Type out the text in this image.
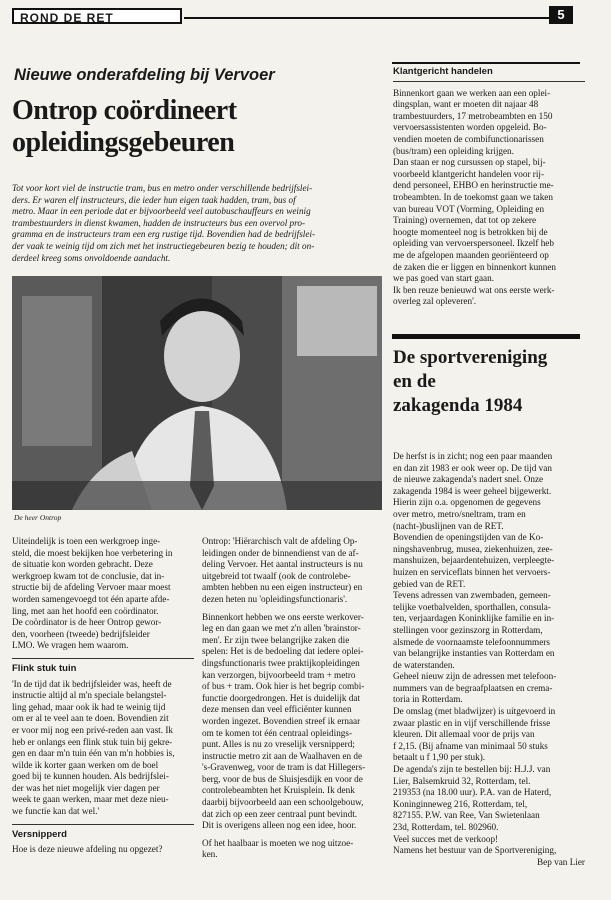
ROND DE RET	5
Nieuwe onderafdeling bij Vervoer
Ontrop coördineert
opleidingsgebeuren
Tot voor kort viel de instructie tram, bus en metro onder verschillende bedrijfslei-
ders. Er waren elf instructeurs, die ieder hun eigen taak hadden, tram, bus of
metro. Maar in een periode dat er bijvoorbeeld veel autobuschauffeurs en weinig
trambestuurders in dienst kwamen, hadden de instructeurs bus een overvol pro-
gramma en de instructeurs tram een erg rustige tijd. Bovendien had de bedrijfslei-
der vaak te weinig tijd om zich met het instructiegebeuren bezig te houden; dit on-
derdeel kreeg soms onvoldoende aandacht.
De heer Ontrop

Uiteindelijk is toen een werkgroep inge-
steld, die moest bekijken hoe verbetering in
de situatie kon worden gebracht. Deze
werkgroep kwam tot de conclusie, dat in-
structie bij de afdeling Vervoer maar moest
worden samengevoegd tot één aparte afde-
ling, met aan het hoofd een coördinator.
De coördinator is de heer Ontrop gewor-
den, voorheen (tweede) bedrijfsleider
LMO. We vragen hem waarom.

Flink stuk tuin

'In de tijd dat ik bedrijfsleider was, heeft de
instructie altijd al m'n speciale belangstel-
ling gehad, maar ook ik had te weinig tijd
om er al te veel aan te doen. Bovendien zit
er voor mij nog een privé-reden aan vast. Ik
heb er onlangs een flink stuk tuin bij gekre-
gen en daar m'n tuin één van m'n hobbies is,
wilde ik korter gaan werken om de boel
goed bij te kunnen houden. Als bedrijfslei-
der was het niet mogelijk vier dagen per
week te gaan werken, maar met deze nieu-
we functie kan dat wel.'

Versnipperd

Hoe is deze nieuwe afdeling nu opgezet?

Ontrop: 'Hiërarchisch valt de afdeling Op-
leidingen onder de binnendienst van de af-
deling Vervoer. Het aantal instructeurs is nu
uitgebreid tot twaalf (ook de controlebe-
ambten hebben nu een eigen instructeur) en
dezen heten nu 'opleidingsfunctionaris'.

Binnenkort hebben we ons eerste werkover-
leg en dan gaan we met z'n allen 'brainstor-
men'. Er zijn twee belangrijke zaken die
spelen: Het is de bedoeling dat iedere oplei-
dingsfunctionaris twee praktijkopleidingen
kan verzorgen, bijvoorbeeld tram + metro
of bus + tram. Ook hier is het begrip combi-
functie doorgedrongen. Het is duidelijk dat
deze mensen dan veel efficiënter kunnen
worden ingezet. Bovendien streef ik ernaar
om te komen tot één centraal opleidings-
punt. Alles is nu zo vreselijk versnipperd;
instructie metro zit aan de Waalhaven en de
's-Gravenweg, voor de tram is dat Hillegers-
berg, voor de bus de Sluisjesdijk en voor de
controlebeambten het Kruisplein. Ik denk
daarbij bijvoorbeeld aan een schoolgebouw,
dat zich op een zeer centraal punt bevindt.
Dit is overigens alleen nog een idee, hoor.

Of het haalbaar is moeten we nog uitzoe-
ken.

Klantgericht handelen

Binnenkort gaan we werken aan een oplei-
dingsplan, want er moeten dit najaar 48
trambestuurders, 17 metrobeambten en 150
vervoersassistenten worden opgeleid. Bo-
vendien moeten de combifunctionarissen
(bus/tram) een opleiding krijgen.

Dan staan er nog cursussen op stapel, bij-
voorbeeld klantgericht handelen voor rij-
dend personeel, EHBO en herinstructie me-
trobeambten. In de toekomst gaan we taken
van bureau VOT (Vorming, Opleiding en
Training) overnemen, dat tot op zekere
hoogte momenteel nog is betrokken bij de
opleiding van vervoerspersoneel. Ikzelf heb
me de afgelopen maanden georiënteerd op
de zaken die er liggen en binnenkort kunnen
we pas goed van start gaan.

Ik ben reuze benieuwd wat ons eerste werk-
overleg zal opleveren'.

De sportvereniging
en de
zakagenda 1984

De herfst is in zicht; nog een paar maanden
en dan zit 1983 er ook weer op. De tijd van
de nieuwe zakagenda's nadert snel. Onze
zakagenda 1984 is weer geheel bijgewerkt.
Hierin zijn o.a. opgenomen de gegevens
over metro, metro/sneltram, tram en
(nacht-)buslijnen van de RET.
Bovendien de openingstijden van de Ko-
ningshavenbrug, musea, ziekenhuizen, zee-
manshuizen, bejaardentehuizen, verpleegte-
huizen en serviceflats binnen het vervoers-
gebied van de RET.
Tevens adressen van zwembaden, gemeen-
telijke voetbalvelden, sporthallen, consula-
ten, verjaardagen Koninklijke familie en in-
stellingen voor gezinszorg in Rotterdam,
alsmede de voornaamste telefoonnummers
van belangrijke instanties van Rotterdam en
de waterstanden.
Geheel nieuw zijn de adressen met telefoon-
nummers van de begraafplaatsen en crema-
toria in Rotterdam.
De omslag (met bladwijzer) is uitgevoerd in
zwaar plastic en in vijf verschillende frisse
kleuren. Dit allemaal voor de prijs van
f 2,15. (Bij afname van minimaal 50 stuks
betaalt u f 1,90 per stuk).
De agenda's zijn te bestellen bij: H.J.J. van
Lier, Balsemkruid 32, Rotterdam, tel.
219353 (na 18.00 uur). P.A. van de Haterd,
Koninginneweg 216, Rotterdam, tel,
827155. P.W. van Ree, Van Swietenlaan
23d, Rotterdam, tel. 802960.
Veel succes met de verkoop!
Namens het bestuur van de Sportvereniging,

Bep van Lier
